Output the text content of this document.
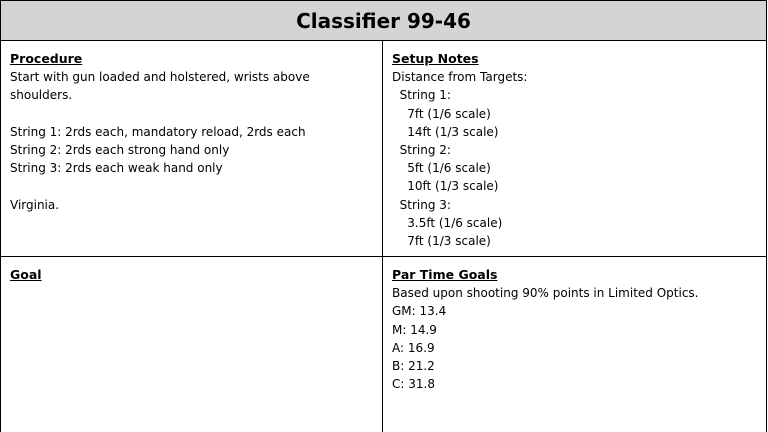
Classifier 99-46
Procedure
Start with gun loaded and holstered, wrists above
shoulders.
String 1: 2rds each, mandatory reload, 2rds each
String 2: 2rds each strong hand only
String 3: 2rds each weak hand only
Virginia.
Setup Notes
Distance from Targets:
String 1:
7ft (1/6 scale)
14ft (1/3 scale)
String 2:
5ft (1/6 scale)
10ft (1/3 scale)
String 3:
3.5ft (1/6 scale)
7ft (1/3 scale)
Goal	Par Time Goals
Based upon shooting 90% points in Limited Optics.
GM: 13.4
M: 14.9
A: 16.9
B: 21.2
C: 31.8
